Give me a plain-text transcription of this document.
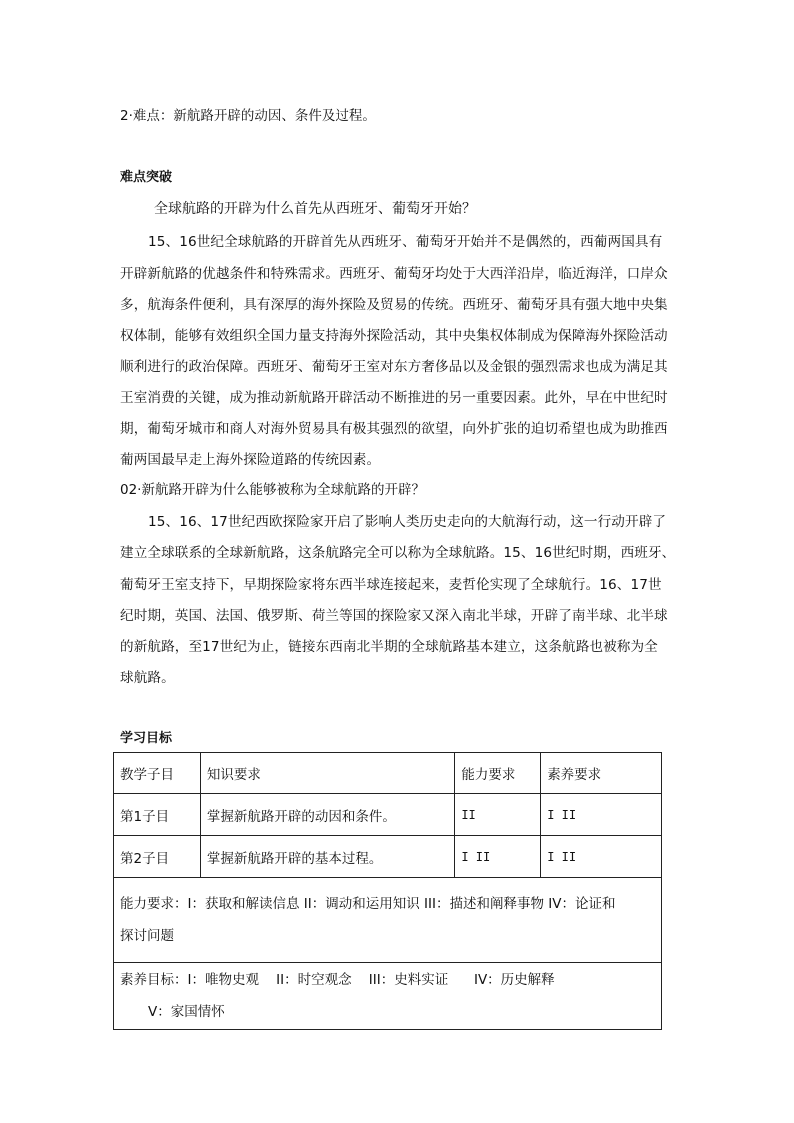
2·难点：新航路开辟的动因、条件及过程。
难点突破
全球航路的开辟为什么首先从西班牙、葡萄牙开始？
15、16世纪全球航路的开辟首先从西班牙、葡萄牙开始并不是偶然的，西葡两国具有
开辟新航路的优越条件和特殊需求。西班牙、葡萄牙均处于大西洋沿岸，临近海洋，口岸众
多，航海条件便利，具有深厚的海外探险及贸易的传统。西班牙、葡萄牙具有强大地中央集
权体制，能够有效组织全国力量支持海外探险活动，其中央集权体制成为保障海外探险活动
顺利进行的政治保障。西班牙、葡萄牙王室对东方奢侈品以及金银的强烈需求也成为满足其
王室消费的关键，成为推动新航路开辟活动不断推进的另一重要因素。此外，早在中世纪时
期，葡萄牙城市和商人对海外贸易具有极其强烈的欲望，向外扩张的迫切希望也成为助推西
葡两国最早走上海外探险道路的传统因素。
02·新航路开辟为什么能够被称为全球航路的开辟？
15、16、17世纪西欧探险家开启了影响人类历史走向的大航海行动，这一行动开辟了
建立全球联系的全球新航路，这条航路完全可以称为全球航路。15、16世纪时期，西班牙、
葡萄牙王室支持下，早期探险家将东西半球连接起来，麦哲伦实现了全球航行。16、17世
纪时期，英国、法国、俄罗斯、荷兰等国的探险家又深入南北半球，开辟了南半球、北半球
的新航路，至17世纪为止，链接东西南北半期的全球航路基本建立，这条航路也被称为全
球航路。
学习目标
教学子目	知识要求	能力要求	素养要求
第1子目	掌握新航路开辟的动因和条件。	II	I II
第2子目	掌握新航路开辟的基本过程。	I II	I II

能力要求：I：获取和解读信息 II：调动和运用知识 III：描述和阐释事物 IV：论证和
探讨问题			

素养目标：I：唯物史观    II：时空观念    III：史料实证      IV：历史解释
V：家国情怀			
